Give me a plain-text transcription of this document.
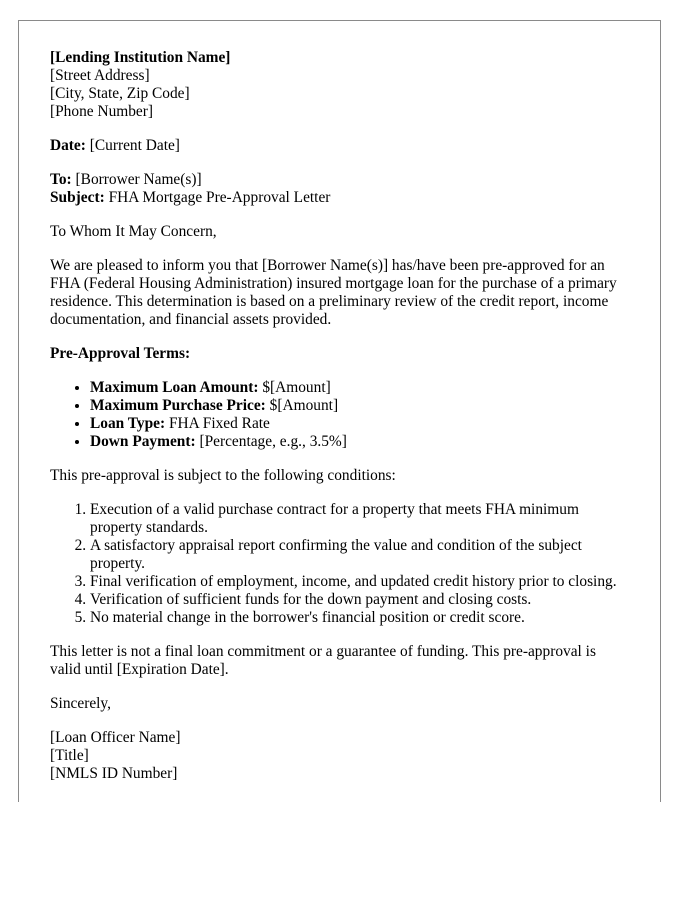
[Lending Institution Name]
[Street Address]
[City, State, Zip Code]
[Phone Number]
Date: [Current Date]
To: [Borrower Name(s)]
Subject: FHA Mortgage Pre-Approval Letter

To Whom It May Concern,

We are pleased to inform you that [Borrower Name(s)] has/have been pre-approved for an FHA (Federal Housing Administration) insured mortgage loan for the purchase of a primary residence. This determination is based on a preliminary review of the credit report, income documentation, and financial assets provided.

Pre-Approval Terms:

• Maximum Loan Amount: $[Amount]
• Maximum Purchase Price: $[Amount]
• Loan Type: FHA Fixed Rate
• Down Payment: [Percentage, e.g., 3.5%]

This pre-approval is subject to the following conditions:

1. Execution of a valid purchase contract for a property that meets FHA minimum property standards.
2. A satisfactory appraisal report confirming the value and condition of the subject property.
3. Final verification of employment, income, and updated credit history prior to closing.
4. Verification of sufficient funds for the down payment and closing costs.
5. No material change in the borrower's financial position or credit score.

This letter is not a final loan commitment or a guarantee of funding. This pre-approval is valid until [Expiration Date].

Sincerely,

[Loan Officer Name]
[Title]
[NMLS ID Number]
